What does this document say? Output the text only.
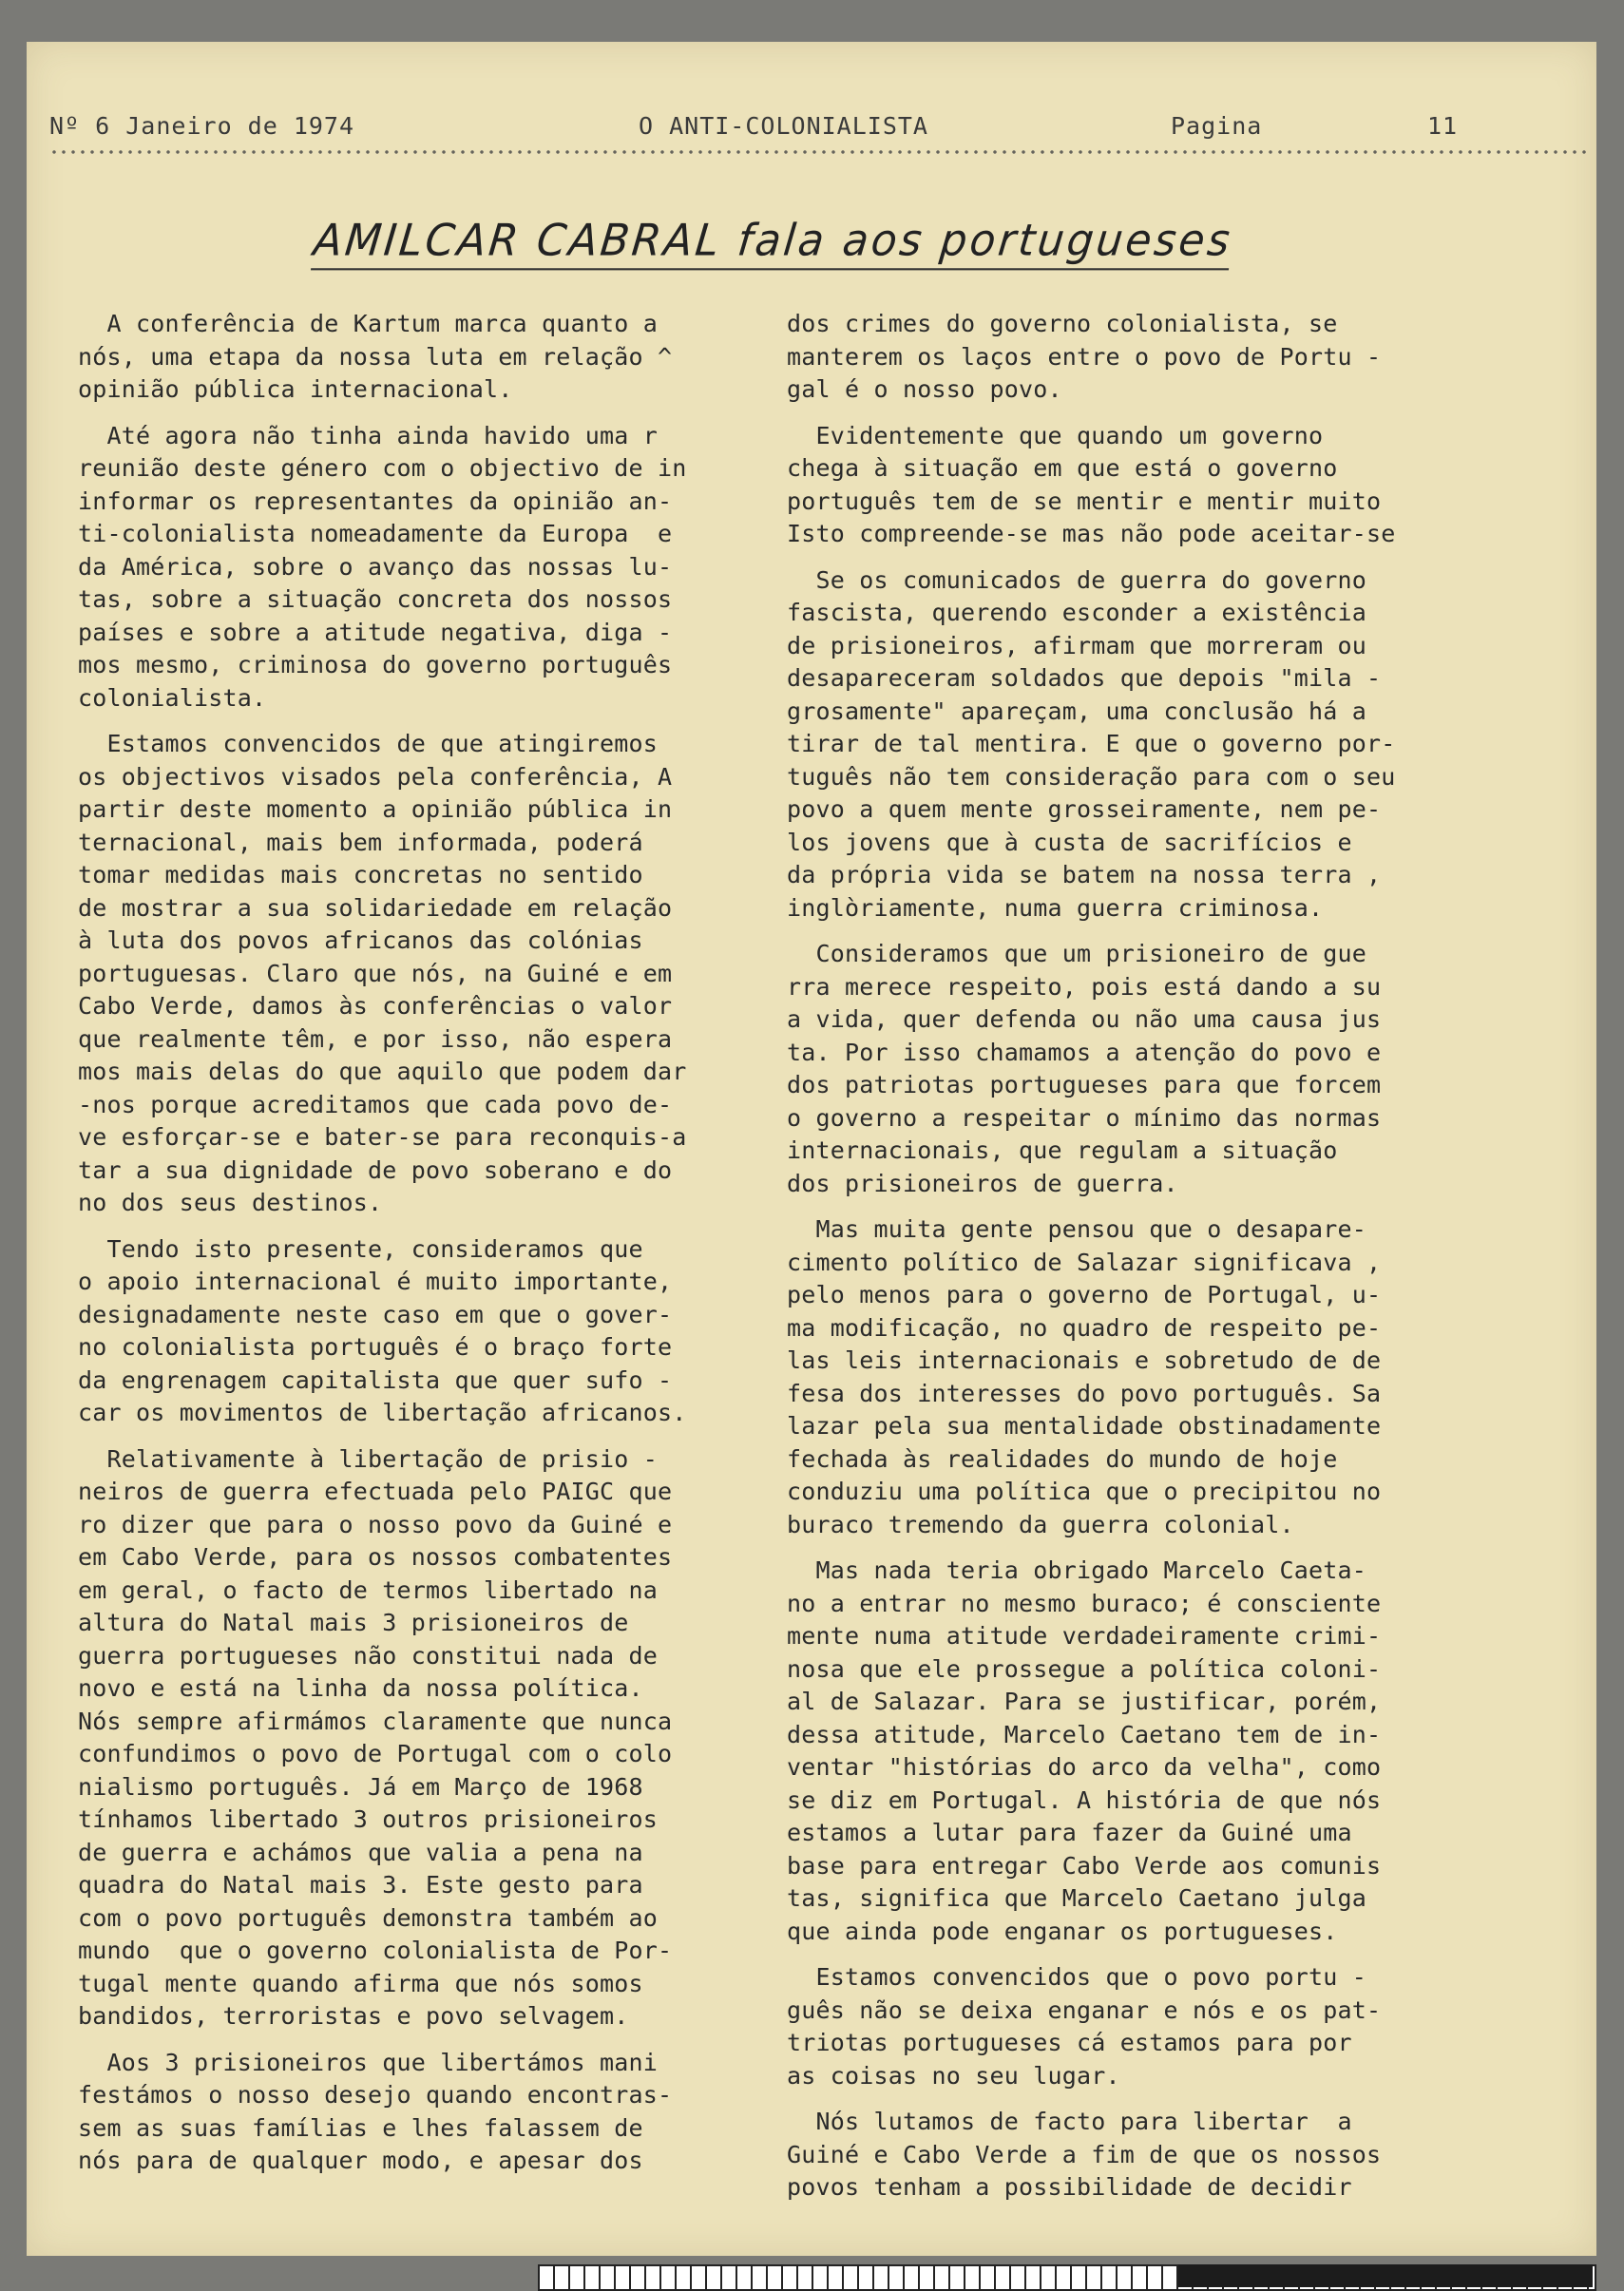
Nº 6 Janeiro de 1974	O ANTI-COLONIALISTA	Pagina	11
AMILCAR CABRAL fala aos portugueses

A conferência de Kartum marca quanto a
nós, uma etapa da nossa luta em relação ^
opinião pública internacional.

Até agora não tinha ainda havido uma r
reunião deste género com o objectivo de in
informar os representantes da opinião an-
ti-colonialista nomeadamente da Europa  e
da América, sobre o avanço das nossas lu-
tas, sobre a situação concreta dos nossos
países e sobre a atitude negativa, diga -
mos mesmo, criminosa do governo português
colonialista.

Estamos convencidos de que atingiremos
os objectivos visados pela conferência, A
partir deste momento a opinião pública in
ternacional, mais bem informada, poderá
tomar medidas mais concretas no sentido
de mostrar a sua solidariedade em relação
à luta dos povos africanos das colónias
portuguesas. Claro que nós, na Guiné e em
Cabo Verde, damos às conferências o valor
que realmente têm, e por isso, não espera
mos mais delas do que aquilo que podem dar
-nos porque acreditamos que cada povo de-
ve esforçar-se e bater-se para reconquis-a
tar a sua dignidade de povo soberano e do
no dos seus destinos.

Tendo isto presente, consideramos que
o apoio internacional é muito importante,
designadamente neste caso em que o gover-
no colonialista português é o braço forte
da engrenagem capitalista que quer sufo -
car os movimentos de libertação africanos.

Relativamente à libertação de prisio -
neiros de guerra efectuada pelo PAIGC que
ro dizer que para o nosso povo da Guiné e
em Cabo Verde, para os nossos combatentes
em geral, o facto de termos libertado na
altura do Natal mais 3 prisioneiros de
guerra portugueses não constitui nada de
novo e está na linha da nossa política.
Nós sempre afirmámos claramente que nunca
confundimos o povo de Portugal com o colo
nialismo português. Já em Março de 1968
tínhamos libertado 3 outros prisioneiros
de guerra e achámos que valia a pena na
quadra do Natal mais 3. Este gesto para
com o povo português demonstra também ao
mundo  que o governo colonialista de Por-
tugal mente quando afirma que nós somos
bandidos, terroristas e povo selvagem.

Aos 3 prisioneiros que libertámos mani
festámos o nosso desejo quando encontras-
sem as suas famílias e lhes falassem de
nós para de qualquer modo, e apesar dos

dos crimes do governo colonialista, se
manterem os laços entre o povo de Portu -
gal é o nosso povo.

Evidentemente que quando um governo
chega à situação em que está o governo
português tem de se mentir e mentir muito
Isto compreende-se mas não pode aceitar-se

Se os comunicados de guerra do governo
fascista, querendo esconder a existência
de prisioneiros, afirmam que morreram ou
desapareceram soldados que depois "mila -
grosamente" apareçam, uma conclusão há a
tirar de tal mentira. E que o governo por-
tuguês não tem consideração para com o seu
povo a quem mente grosseiramente, nem pe-
los jovens que à custa de sacrifícios e
da própria vida se batem na nossa terra ,
inglòriamente, numa guerra criminosa.

Consideramos que um prisioneiro de gue
rra merece respeito, pois está dando a su
a vida, quer defenda ou não uma causa jus
ta. Por isso chamamos a atenção do povo e
dos patriotas portugueses para que forcem
o governo a respeitar o mínimo das normas
internacionais, que regulam a situação
dos prisioneiros de guerra.

Mas muita gente pensou que o desapare-
cimento político de Salazar significava ,
pelo menos para o governo de Portugal, u-
ma modificação, no quadro de respeito pe-
las leis internacionais e sobretudo de de
fesa dos interesses do povo português. Sa
lazar pela sua mentalidade obstinadamente
fechada às realidades do mundo de hoje
conduziu uma política que o precipitou no
buraco tremendo da guerra colonial.

Mas nada teria obrigado Marcelo Caeta-
no a entrar no mesmo buraco; é consciente
mente numa atitude verdadeiramente crimi-
nosa que ele prossegue a política coloni-
al de Salazar. Para se justificar, porém,
dessa atitude, Marcelo Caetano tem de in-
ventar "histórias do arco da velha", como
se diz em Portugal. A história de que nós
estamos a lutar para fazer da Guiné uma
base para entregar Cabo Verde aos comunis
tas, significa que Marcelo Caetano julga
que ainda pode enganar os portugueses.

Estamos convencidos que o povo portu -
guês não se deixa enganar e nós e os pat-
triotas portugueses cá estamos para por
as coisas no seu lugar.

Nós lutamos de facto para libertar  a
Guiné e Cabo Verde a fim de que os nossos
povos tenham a possibilidade de decidir
